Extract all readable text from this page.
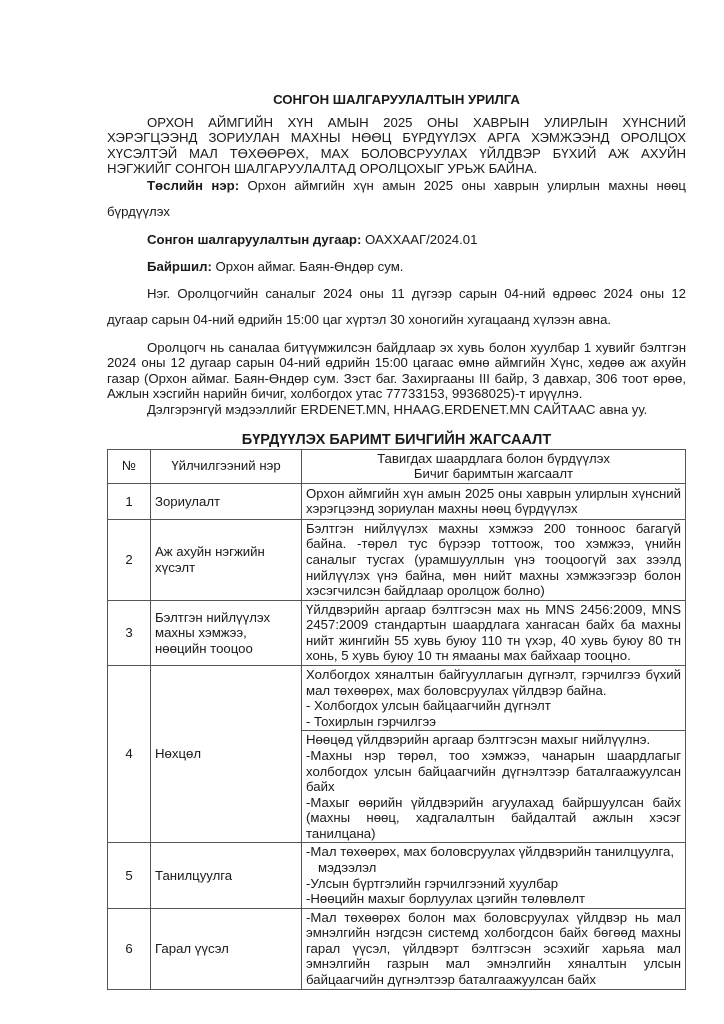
СОНГОН ШАЛГАРУУЛАЛТЫН УРИЛГА

ОРХОН АЙМГИЙН ХҮН АМЫН 2025 ОНЫ ХАВРЫН УЛИРЛЫН ХҮНСНИЙ ХЭРЭГЦЭЭНД ЗОРИУЛАН МАХНЫ НӨӨЦ БҮРДҮҮЛЭХ АРГА ХЭМЖЭЭНД ОРОЛЦОХ ХҮСЭЛТЭЙ МАЛ ТӨХӨӨРӨХ, МАХ БОЛОВСРУУЛАХ ҮЙЛДВЭР БҮХИЙ АЖ АХУЙН НЭГЖИЙГ СОНГОН ШАЛГАРУУЛАЛТАД ОРОЛЦОХЫГ УРЬЖ БАЙНА.

Төслийн нэр: Орхон аймгийн хүн амын 2025 оны хаврын улирлын махны нөөц бүрдүүлэх

Сонгон шалгаруулалтын дугаар: ОАХХААГ/2024.01

Байршил: Орхон аймаг. Баян-Өндөр сум.

Нэг. Оролцогчийн саналыг 2024 оны 11 дүгээр сарын 04-ний өдрөөс 2024 оны 12 дугаар сарын 04-ний өдрийн 15:00 цаг хүртэл 30 хоногийн хугацаанд хүлээн авна.

Оролцогч нь саналаа битүүмжилсэн байдлаар эх хувь болон хуулбар 1 хувийг бэлтгэн 2024 оны 12 дугаар сарын 04-ний өдрийн 15:00 цагаас өмнө аймгийн Хүнс, хөдөө аж ахуйн газар (Орхон аймаг. Баян-Өндөр сум. Зэст баг. Захиргааны III байр, 3 давхар, 306 тоот өрөө, Ажлын хэсгийн нарийн бичиг, холбогдох утас 77733153, 99368025)-т ирүүлнэ.

Дэлгэрэнгүй мэдээллийг ERDENET.MN, HHAAG.ERDENET.MN САЙТААС авна уу.

БҮРДҮҮЛЭХ БАРИМТ БИЧГИЙН ЖАГСААЛТ

№	Үйлчилгээний нэр	Тавигдах шаардлага болон бүрдүүлэх
Бичиг баримтын жагсаалт

1	Зориулалт	Орхон аймгийн хүн амын 2025 оны хаврын улирлын хүнсний хэрэгцээнд зориулан махны нөөц бүрдүүлэх
2	Аж ахуйн нэгжийн хүсэлт	Бэлтгэн нийлүүлэх махны хэмжээ 200 тонноос багагүй байна. -төрөл тус бүрээр тоттоож, тоо хэмжээ, үнийн саналыг тусгах (урамшууллын үнэ тооцоогүй зах зээлд нийлүүлэх үнэ байна, мөн нийт махны хэмжээгээр болон хэсэгчилсэн байдлаар оролцож болно)
3	Бэлтгэн нийлүүлэх махны хэмжээ, нөөцийн тооцоо	Үйлдвэрийн аргаар бэлтгэсэн мах нь MNS 2456:2009, MNS 2457:2009 стандартын шаардлага хангасан байх ба махны нийт жингийн 55 хувь буюу 110 тн үхэр, 40 хувь буюу 80 тн хонь, 5 хувь буюу 10 тн ямааны мах байхаар тооцно.
4	Нөхцөл	Холбогдох хяналтын байгууллагын дүгнэлт, гэрчилгээ бүхий мал төхөөрөх, мах боловсруулах үйлдвэр байна.
- Холбогдох улсын байцаагчийн дүгнэлт
- Тохирлын гэрчилгээ

		Нөөцөд үйлдвэрийн аргаар бэлтгэсэн махыг нийлүүлнэ.
-Махны нэр төрөл, тоо хэмжээ, чанарын шаардлагыг холбогдох улсын байцаагчийн дүгнэлтээр баталгаажуулсан байх
-Махыг өөрийн үйлдвэрийн агуулахад байршуулсан байх (махны нөөц, хадгалалтын байдалтай ажлын хэсэг танилцана)

5	Танилцуулга	-Мал төхөөрөх, мах боловсруулах үйлдвэрийн танилцуулга,
мэдээлэл
-Улсын бүртгэлийн гэрчилгээний хуулбар
-Нөөцийн махыг борлуулах цэгийн төлөвлөлт

6	Гарал үүсэл	-Мал төхөөрөх болон мах боловсруулах үйлдвэр нь мал эмнэлгийн нэгдсэн системд холбогдсон байх бөгөөд махны гарал үүсэл, үйлдвэрт бэлтгэсэн эсэхийг харьяа мал эмнэлгийн газрын мал эмнэлгийн хяналтын улсын байцаагчийн дүгнэлтээр баталгаажуулсан байх
